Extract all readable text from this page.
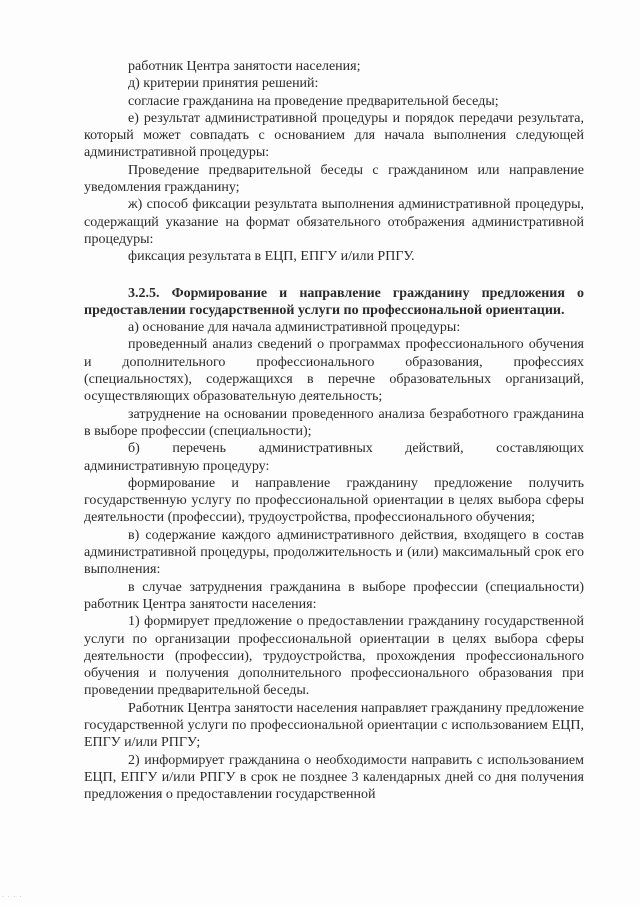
работник Центра занятости населения;

д) критерии принятия решений:

согласие гражданина на проведение предварительной беседы;

е) результат административной процедуры и порядок передачи результата, который может совпадать с основанием для начала выполнения следующей административной процедуры:

Проведение предварительной беседы с гражданином или направление уведомления гражданину;

ж) способ фиксации результата выполнения административной процедуры, содержащий указание на формат обязательного отображения административной процедуры:

фиксация результата в ЕЦП, ЕПГУ и/или РПГУ.

3.2.5. Формирование и направление гражданину предложения о предоставлении государственной услуги по профессиональной ориентации.

а) основание для начала административной процедуры:

проведенный анализ сведений о программах профессионального обучения и дополнительного профессионального образования, профессиях (специальностях), содержащихся в перечне образовательных организаций, осуществляющих образовательную деятельность;

затруднение на основании проведенного анализа безработного гражданина в выборе профессии (специальности);

б) перечень административных действий, составляющих административную процедуру:

формирование и направление гражданину предложение получить государственную услугу по профессиональной ориентации в целях выбора сферы деятельности (профессии), трудоустройства, профессионального обучения;

в) содержание каждого административного действия, входящего в состав административной процедуры, продолжительность и (или) максимальный срок его выполнения:

в случае затруднения гражданина в выборе профессии (специальности) работник Центра занятости населения:

1) формирует предложение о предоставлении гражданину государственной услуги по организации профессиональной ориентации в целях выбора сферы деятельности (профессии), трудоустройства, прохождения профессионального обучения и получения дополнительного профессионального образования при проведении предварительной беседы.

Работник Центра занятости населения направляет гражданину предложение государственной услуги по профессиональной ориентации с использованием ЕЦП, ЕПГУ и/или РПГУ;

2) информирует гражданина о необходимости направить с использованием ЕЦП, ЕПГУ и/или РПГУ в срок не позднее 3 календарных дней со дня получения предложения о предоставлении государственной

· · · ·
